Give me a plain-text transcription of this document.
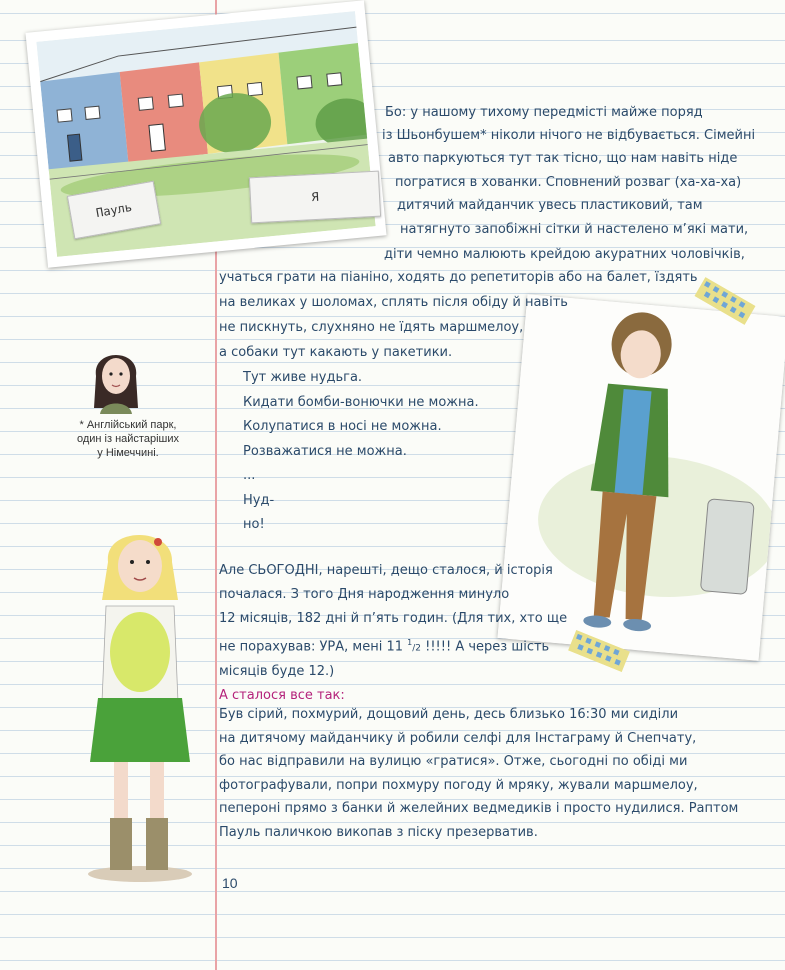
Пауль
Я
* Англійський парк,
один із найстаріших
у Німеччині.
Бо: у нашому тихому передмісті майже поряд
із Шьонбушем* ніколи нічого не відбувається. Сімейні
авто паркуються тут так тісно, що нам навіть ніде
погратися в хованки. Сповнений розваг (ха-ха-ха)
дитячий майданчик увесь пластиковий, там
натягнуто запобіжні сітки й настелено м’які мати,
діти чемно малюють крейдою акуратних чоловічків,
учаться грати на піаніно, ходять до репетиторів або на балет, їздять
на великах у шоломах, сплять після обіду й навіть
не пискнуть, слухняно не їдять маршмелоу,
а собаки тут какають у пакетики.
Тут живе нудьга.
Кидати бомби-вонючки не можна.
Колупатися в носі не можна.
Розважатися не можна.
...
Нуд-
но!
Але СЬОГОДНІ, нарешті, дещо сталося, й історія
почалася. З того Дня народження минуло
12 місяців, 182 дні й п’ять годин. (Для тих, хто ще
не порахував: УРА, мені 11 $^1$/2 !!!!! А через шість
місяців буде 12.)
А сталося все так:
Був сірий, похмурий, дощовий день, десь близько 16:30 ми сиділи
на дитячому майданчику й робили селфі для Інстаграму й Снепчату,
бо нас відправили на вулицю «гратися». Отже, сьогодні по обіді ми
фотографували, попри похмуру погоду й мряку, жували маршмелоу,
пепероні прямо з банки й желейних ведмедиків і просто нудилися. Раптом
Пауль паличкою викопав з піску презерватив.
10
